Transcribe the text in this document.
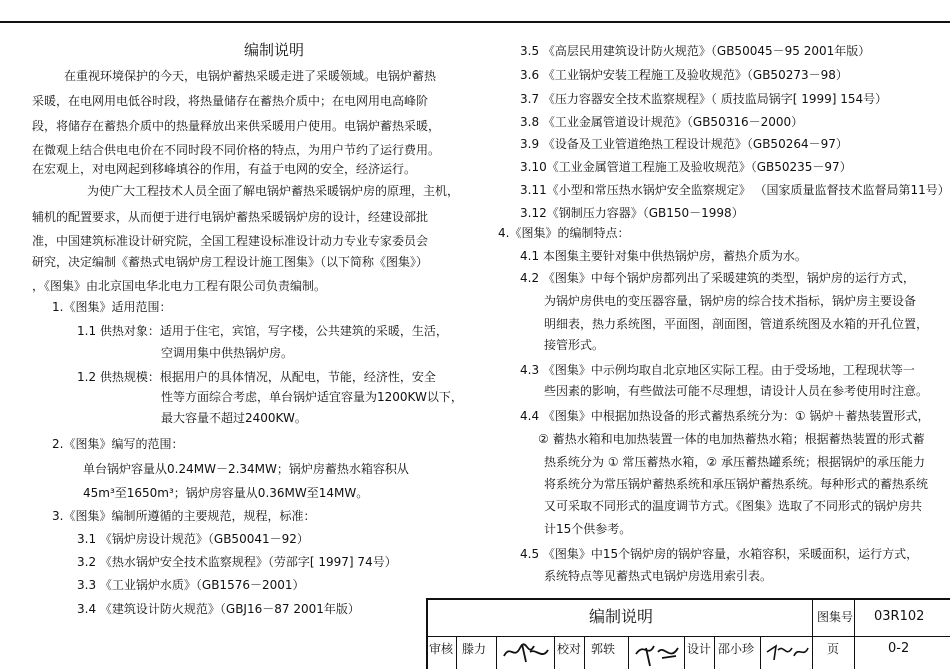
编制说明
在重视环境保护的今天，电锅炉蓄热采暖走进了采暖领域。电锅炉蓄热
采暖，在电网用电低谷时段，将热量储存在蓄热介质中；在电网用电高峰阶
段，将储存在蓄热介质中的热量释放出来供采暖用户使用。电锅炉蓄热采暖，
在微观上结合供电电价在不同时段不同价格的特点，为用户节约了运行费用。
在宏观上，对电网起到移峰填谷的作用，有益于电网的安全，经济运行。
为使广大工程技术人员全面了解电锅炉蓄热采暖锅炉房的原理，主机，
辅机的配置要求，从而便于进行电锅炉蓄热采暖锅炉房的设计，经建设部批
准，中国建筑标准设计研究院，全国工程建设标准设计动力专业专家委员会
研究，决定编制《蓄热式电锅炉房工程设计施工图集》（以下简称《图集》）
，《图集》由北京国电华北电力工程有限公司负责编制。
1.《图集》适用范围：
1.1 供热对象：适用于住宅，宾馆，写字楼，公共建筑的采暖，生活，
空调用集中供热锅炉房。
1.2 供热规模：根据用户的具体情况，从配电，节能，经济性，安全
性等方面综合考虑，单台锅炉适宜容量为1200KW以下，
最大容量不超过2400KW。
2.《图集》编写的范围：
单台锅炉容量从0.24MW－2.34MW；锅炉房蓄热水箱容积从
45m³至1650m³；锅炉房容量从0.36MW至14MW。
3.《图集》编制所遵循的主要规范，规程，标准：
3.1 《锅炉房设计规范》（GB50041－92）
3.2 《热水锅炉安全技术监察规程》（劳部字[ 1997] 74号）
3.3 《工业锅炉水质》（GB1576－2001）
3.4 《建筑设计防火规范》（GBJ16－87 2001年版）
3.5 《高层民用建筑设计防火规范》（GB50045－95 2001年版）
3.6 《工业锅炉安装工程施工及验收规范》（GB50273－98）
3.7 《压力容器安全技术监察规程》（ 质技监局锅字[ 1999] 154号）
3.8 《工业金属管道设计规范》（GB50316－2000）
3.9 《设备及工业管道绝热工程设计规范》（GB50264－97）
3.10《工业金属管道工程施工及验收规范》（GB50235－97）
3.11《小型和常压热水锅炉安全监察规定》 （国家质量监督技术监督局第11号）
3.12《钢制压力容器》（GB150－1998）
4.《图集》的编制特点：
4.1 本图集主要针对集中供热锅炉房，蓄热介质为水。
4.2 《图集》中每个锅炉房都列出了采暖建筑的类型，锅炉房的运行方式，
为锅炉房供电的变压器容量，锅炉房的综合技术指标，锅炉房主要设备
明细表，热力系统图，平面图，剖面图，管道系统图及水箱的开孔位置，
接管形式。
4.3 《图集》中示例均取自北京地区实际工程。由于受场地，工程现状等一
些因素的影响，有些做法可能不尽理想，请设计人员在参考使用时注意。
4.4 《图集》中根据加热设备的形式蓄热系统分为：① 锅炉＋蓄热装置形式，
② 蓄热水箱和电加热装置一体的电加热蓄热水箱；根据蓄热装置的形式蓄
热系统分为 ① 常压蓄热水箱，② 承压蓄热罐系统；根据锅炉的承压能力
将系统分为常压锅炉蓄热系统和承压锅炉蓄热系统。每种形式的蓄热系统
又可采取不同形式的温度调节方式。《图集》选取了不同形式的锅炉房共
计15个供参考。
4.5 《图集》中15个锅炉房的锅炉容量，水箱容积，采暖面积，运行方式，
系统特点等见蓄热式电锅炉房选用索引表。
编制说明	图集号 03R102
审核 滕力	校对 郭轶	设计 邵小珍	页	0-2
